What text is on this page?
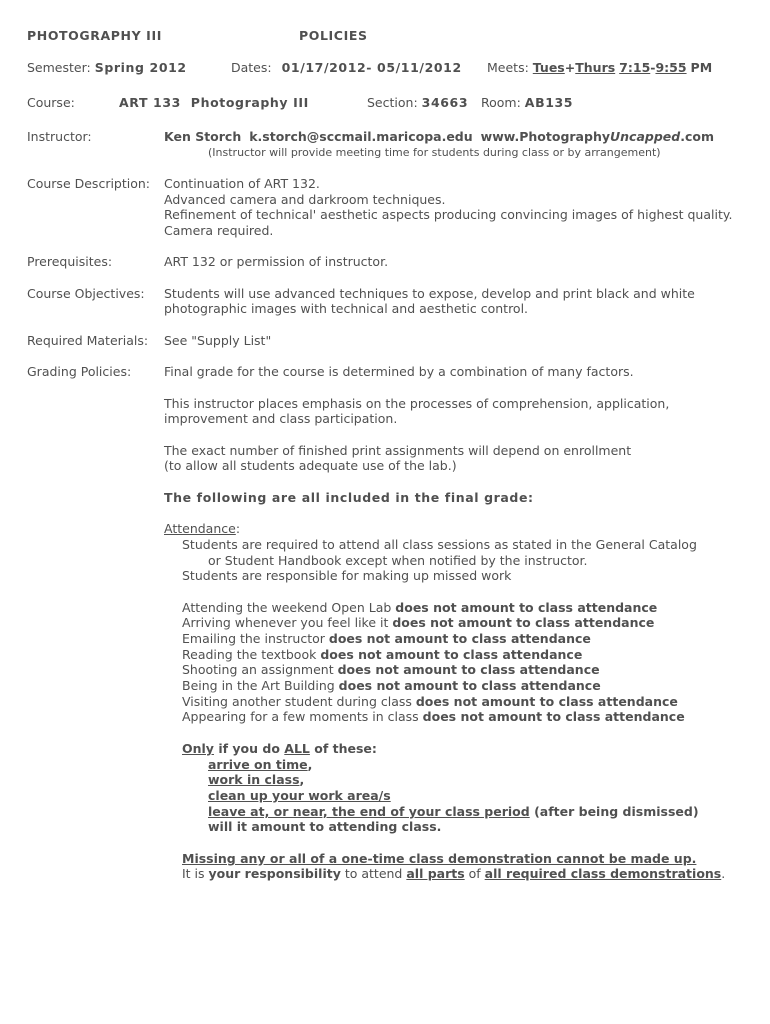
PHOTOGRAPHY III	POLICIES
Semester: Spring 2012	Dates: 01/17/2012- 05/11/2012 Meets: Tues+Thurs 7:15-9:55 PM
Course:	ART 133  Photography III	Section: 34663 Room: AB135
Instructor:	Ken Storch k.storch@sccmail.maricopa.edu www.PhotographyUncapped.com
(Instructor will provide meeting time for students during class or by arrangement)
Course Description: Continuation of ART 132.
Advanced camera and darkroom techniques.
Refinement of technical' aesthetic aspects producing convincing images of highest quality.
Camera required.
Prerequisites:	ART 132 or permission of instructor.
Course Objectives: Students will use advanced techniques to expose, develop and print black and white
photographic images with technical and aesthetic control.
Required Materials: See "Supply List"
Grading Policies:	Final grade for the course is determined by a combination of many factors.
This instructor places emphasis on the processes of comprehension, application,
improvement and class participation.
The exact number of finished print assignments will depend on enrollment
(to allow all students adequate use of the lab.)
The following are all included in the final grade:
Attendance:
Students are required to attend all class sessions as stated in the General Catalog
or Student Handbook except when notified by the instructor.
Students are responsible for making up missed work
Attending the weekend Open Lab does not amount to class attendance
Arriving whenever you feel like it does not amount to class attendance
Emailing the instructor does not amount to class attendance
Reading the textbook does not amount to class attendance
Shooting an assignment does not amount to class attendance
Being in the Art Building does not amount to class attendance
Visiting another student during class does not amount to class attendance
Appearing for a few moments in class does not amount to class attendance
Only if you do ALL of these:
arrive on time,
work in class,
clean up your work area/s
leave at, or near, the end of your class period (after being dismissed)
will it amount to attending class.
Missing any or all of a one-time class demonstration cannot be made up.
It is your responsibility to attend all parts of all required class demonstrations.
